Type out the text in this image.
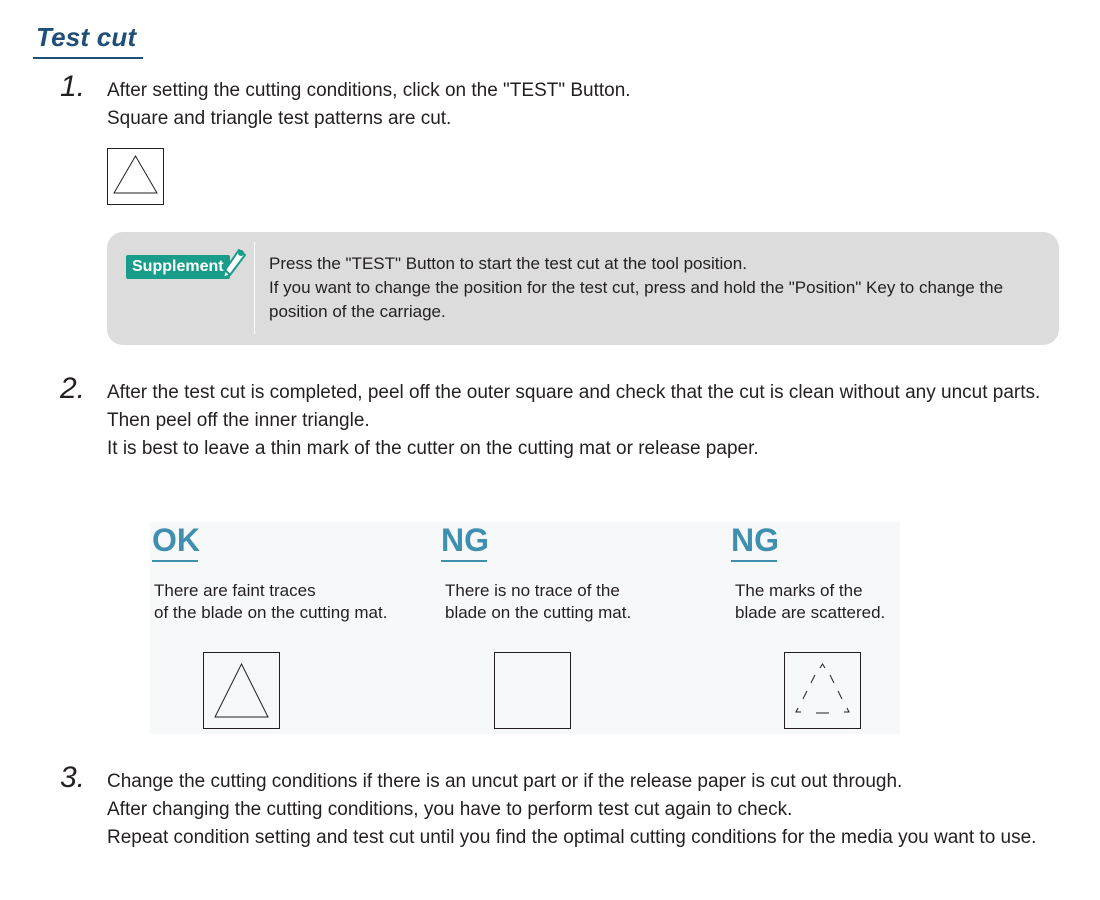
Test cut
1. After setting the cutting conditions, click on the "TEST" Button.
Square and triangle test patterns are cut.
Supplement	Press the "TEST" Button to start the test cut at the tool position.
If you want to change the position for the test cut, press and hold the "Position" Key to change the position of the carriage.
2. After the test cut is completed, peel off the outer square and check that the cut is clean without any uncut parts.
Then peel off the inner triangle.
It is best to leave a thin mark of the cutter on the cutting mat or release paper.
OK
There are faint traces
of the blade on the cutting mat.
NG
There is no trace of the
blade on the cutting mat.
NG
The marks of the
blade are scattered.
3. Change the cutting conditions if there is an uncut part or if the release paper is cut out through.
After changing the cutting conditions, you have to perform test cut again to check.
Repeat condition setting and test cut until you find the optimal cutting conditions for the media you want to use.
